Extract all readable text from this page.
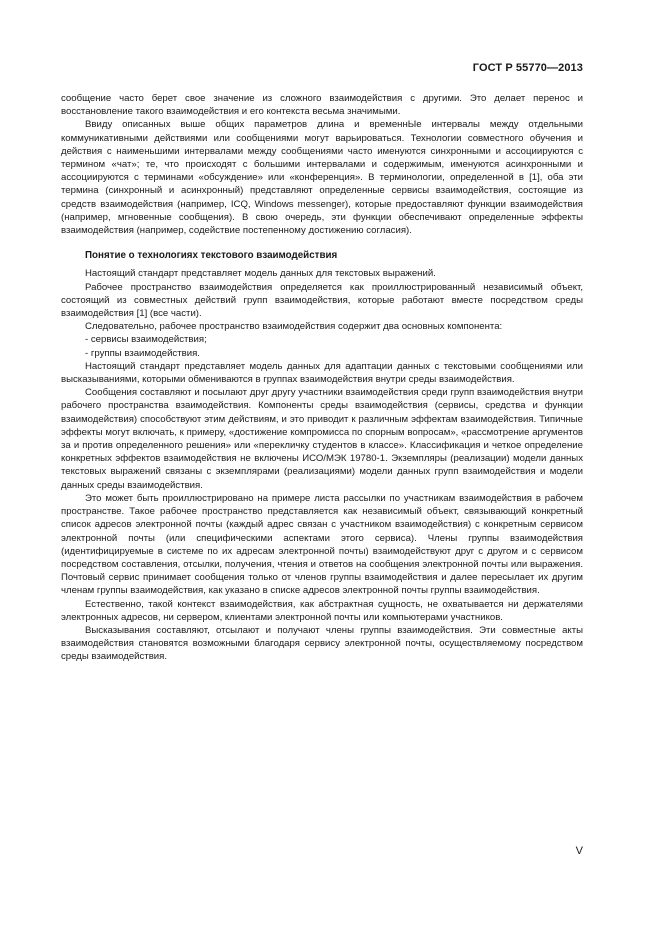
ГОСТ Р 55770—2013

сообщение часто берет свое значение из сложного взаимодействия с другими. Это делает перенос и восстановление такого взаимодействия и его контекста весьма значимыми.

Ввиду описанных выше общих параметров длина и временнЫе интервалы между отдельными коммуникативными действиями или сообщениями могут варьироваться. Технологии совместного обучения и действия с наименьшими интервалами между сообщениями часто именуются синхронными и ассоциируются с термином «чат»; те, что происходят с большими интервалами и содержимым, именуются асинхронными и ассоциируются с терминами «обсуждение» или «конференция». В терминологии, определенной в [1], оба эти термина (синхронный и асинхронный) представляют определенные сервисы взаимодействия, состоящие из средств взаимодействия (например, ICQ, Windows messenger), которые предоставляют функции взаимодействия (например, мгновенные сообщения). В свою очередь, эти функции обеспечивают определенные эффекты взаимодействия (например, содействие постепенному достижению согласия).

Понятие о технологиях текстового взаимодействия

Настоящий стандарт представляет модель данных для текстовых выражений.

Рабочее пространство взаимодействия определяется как проиллюстрированный независимый объект, состоящий из совместных действий групп взаимодействия, которые работают вместе посредством среды взаимодействия [1] (все части).

Следовательно, рабочее пространство взаимодействия содержит два основных компонента:

- сервисы взаимодействия;

- группы взаимодействия.

Настоящий стандарт представляет модель данных для адаптации данных с текстовыми сообщениями или высказываниями, которыми обмениваются в группах взаимодействия внутри среды взаимодействия.

Сообщения составляют и посылают друг другу участники взаимодействия среди групп взаимодействия внутри рабочего пространства взаимодействия. Компоненты среды взаимодействия (сервисы, средства и функции взаимодействия) способствуют этим действиям, и это приводит к различным эффектам взаимодействия. Типичные эффекты могут включать, к примеру, «достижение компромисса по спорным вопросам», «рассмотрение аргументов за и против определенного решения» или «перекличку студентов в классе». Классификация и четкое определение конкретных эффектов взаимодействия не включены ИСО/МЭК 19780-1. Экземпляры (реализации) модели данных текстовых выражений связаны с экземплярами (реализациями) модели данных групп взаимодействия и модели данных среды взаимодействия.

Это может быть проиллюстрировано на примере листа рассылки по участникам взаимодействия в рабочем пространстве. Такое рабочее пространство представляется как независимый объект, связывающий конкретный список адресов электронной почты (каждый адрес связан с участником взаимодействия) с конкретным сервисом электронной почты (или специфическими аспектами этого сервиса). Члены группы взаимодействия (идентифицируемые в системе по их адресам электронной почты) взаимодействуют друг с другом и с сервисом посредством составления, отсылки, получения, чтения и ответов на сообщения электронной почты или выражения. Почтовый сервис принимает сообщения только от членов группы взаимодействия и далее пересылает их другим членам группы взаимодействия, как указано в списке адресов электронной почты группы взаимодействия.

Естественно, такой контекст взаимодействия, как абстрактная сущность, не охватывается ни держателями электронных адресов, ни сервером, клиентами электронной почты или компьютерами участников.

Высказывания составляют, отсылают и получают члены группы взаимодействия. Эти совместные акты взаимодействия становятся возможными благодаря сервису электронной почты, осуществляемому посредством среды взаимодействия.

V
